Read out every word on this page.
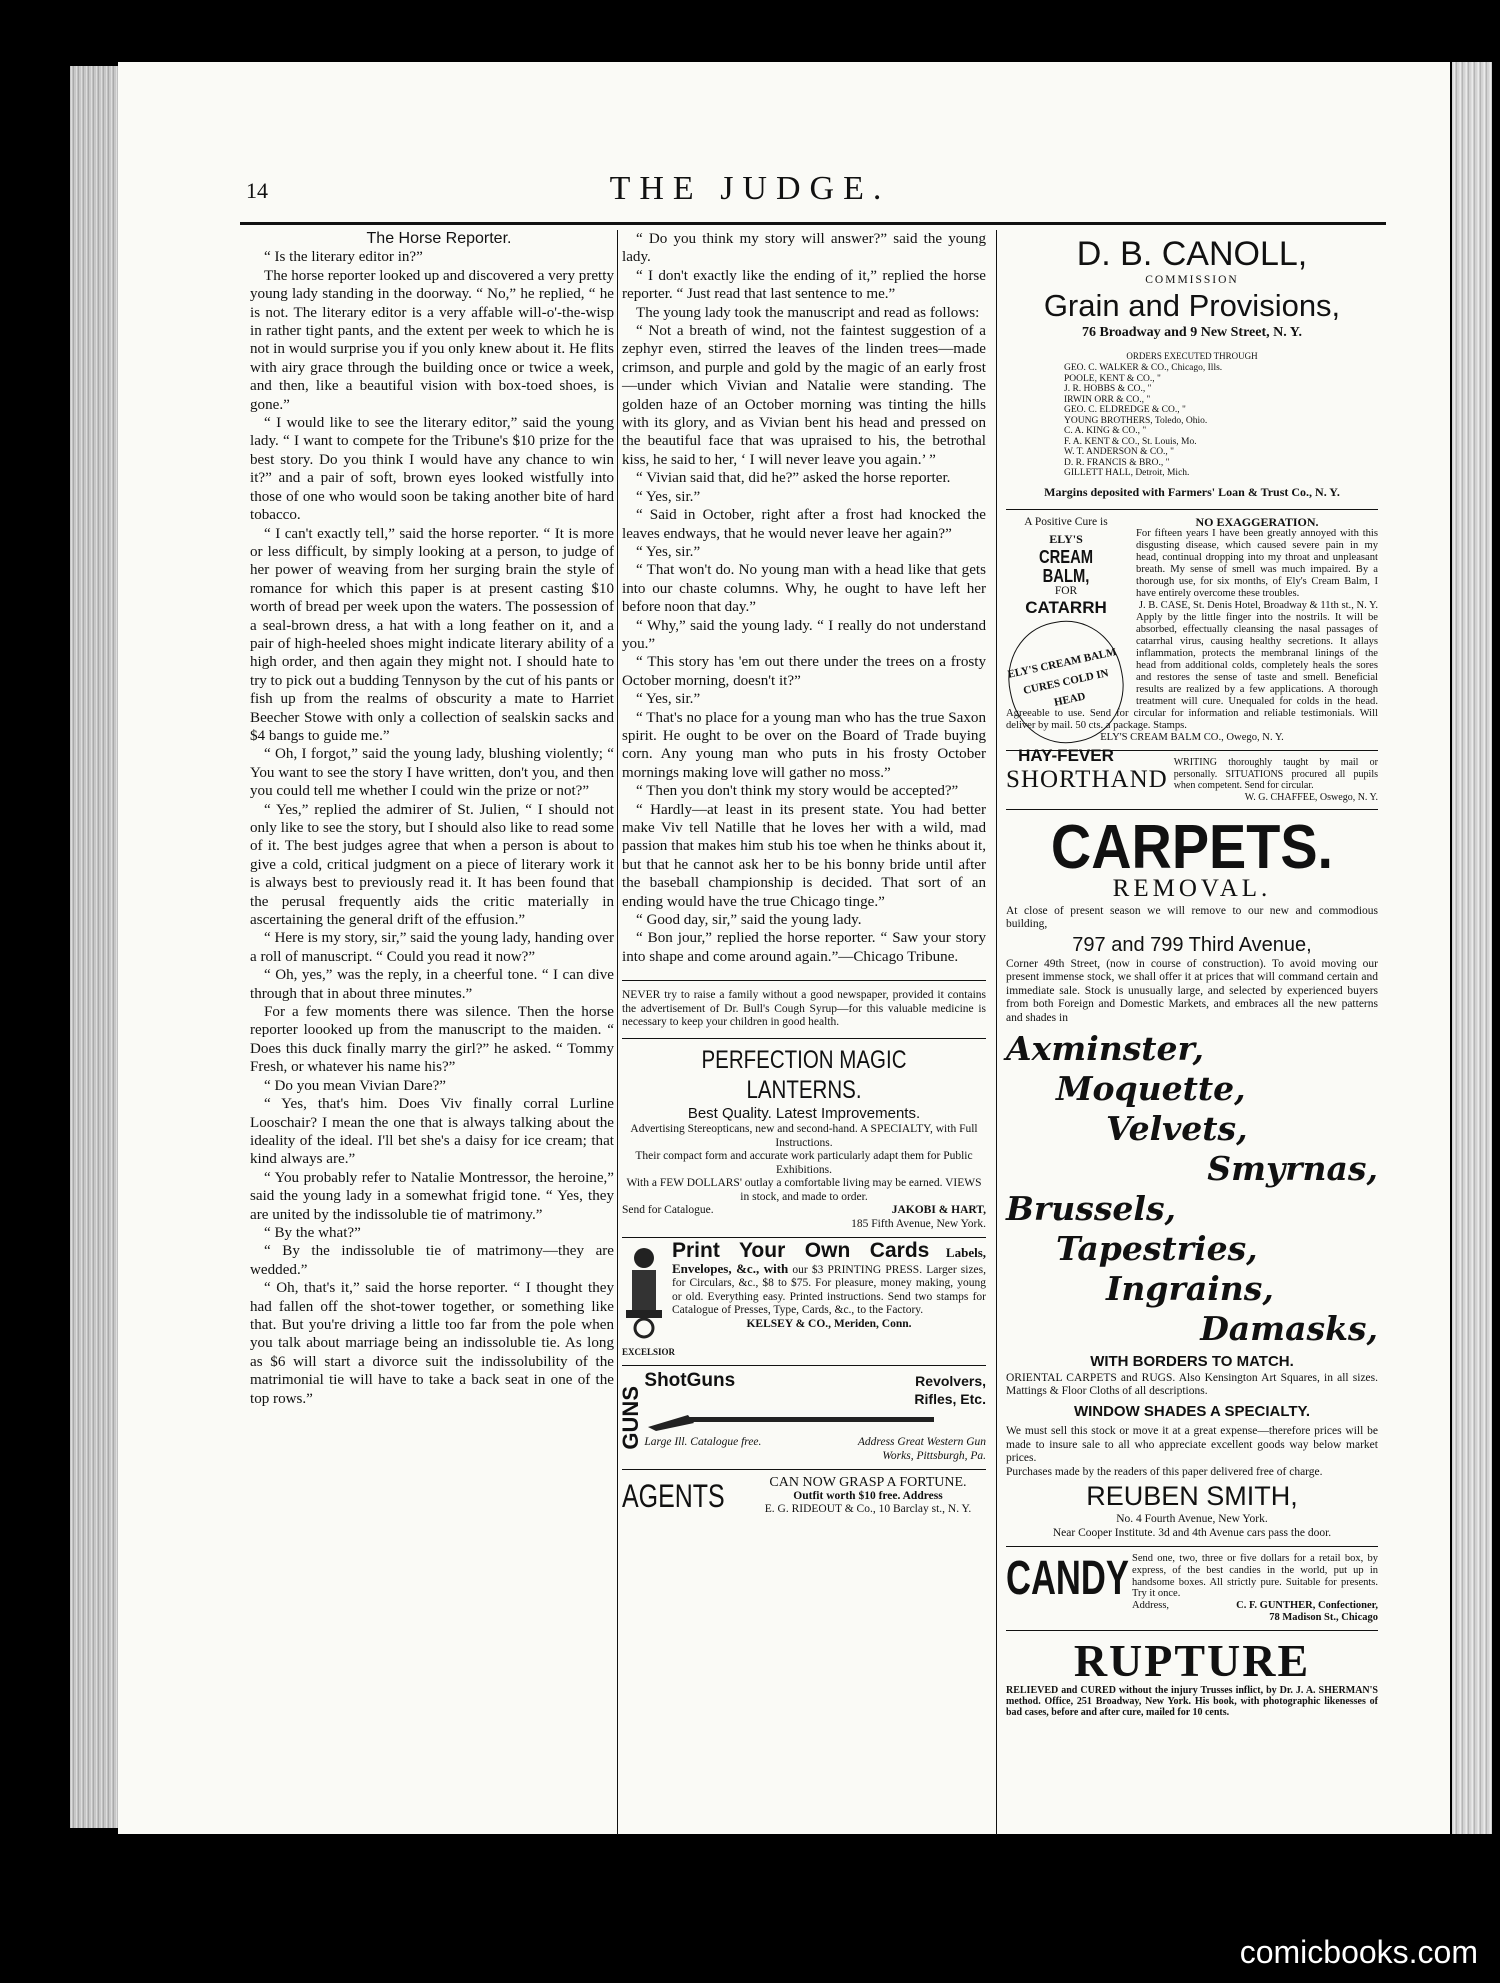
14	THE JUDGE.

The Horse Reporter.

“ Is the literary editor in?”

The horse reporter looked up and discovered a very pretty young lady standing in the doorway. “ No,” he replied, “ he is not. The literary editor is a very affable will-o'-the-wisp in rather tight pants, and the extent per week to which he is not in would surprise you if you only knew about it. He flits with airy grace through the building once or twice a week, and then, like a beautiful vision with box-toed shoes, is gone.”

“ I would like to see the literary editor,” said the young lady. “ I want to compete for the Tribune's $10 prize for the best story. Do you think I would have any chance to win it?” and a pair of soft, brown eyes looked wistfully into those of one who would soon be taking another bite of hard tobacco.

“ I can't exactly tell,” said the horse reporter. “ It is more or less difficult, by simply looking at a person, to judge of her power of weaving from her surging brain the style of romance for which this paper is at present casting $10 worth of bread per week upon the waters. The possession of a seal-brown dress, a hat with a long feather on it, and a pair of high-heeled shoes might indicate literary ability of a high order, and then again they might not. I should hate to try to pick out a budding Tennyson by the cut of his pants or fish up from the realms of obscurity a mate to Harriet Beecher Stowe with only a collection of sealskin sacks and $4 bangs to guide me.”

“ Oh, I forgot,” said the young lady, blushing violently; “ You want to see the story I have written, don't you, and then you could tell me whether I could win the prize or not?”

“ Yes,” replied the admirer of St. Julien, “ I should not only like to see the story, but I should also like to read some of it. The best judges agree that when a person is about to give a cold, critical judgment on a piece of literary work it is always best to previously read it. It has been found that the perusal frequently aids the critic materially in ascertaining the general drift of the effusion.”

“ Here is my story, sir,” said the young lady, handing over a roll of manuscript. “ Could you read it now?”

“ Oh, yes,” was the reply, in a cheerful tone. “ I can dive through that in about three minutes.”

For a few moments there was silence. Then the horse reporter loooked up from the manuscript to the maiden. “ Does this duck finally marry the girl?” he asked. “ Tommy Fresh, or whatever his name his?”

“ Do you mean Vivian Dare?”

“ Yes, that's him. Does Viv finally corral Lurline Looschair? I mean the one that is always talking about the ideality of the ideal. I'll bet she's a daisy for ice cream; that kind always are.”

“ You probably refer to Natalie Montressor, the heroine,” said the young lady in a somewhat frigid tone. “ Yes, they are united by the indissoluble tie of matrimony.”

“ By the what?”

“ By the indissoluble tie of matrimony—they are wedded.”

“ Oh, that's it,” said the horse reporter. “ I thought they had fallen off the shot-tower together, or something like that. But you're driving a little too far from the pole when you talk about marriage being an indissoluble tie. As long as $6 will start a divorce suit the indissolubility of the matrimonial tie will have to take a back seat in one of the top rows.”

“ Do you think my story will answer?” said the young lady.

“ I don't exactly like the ending of it,” replied the horse reporter. “ Just read that last sentence to me.”

The young lady took the manuscript and read as follows:

“ Not a breath of wind, not the faintest suggestion of a zephyr even, stirred the leaves of the linden trees—made crimson, and purple and gold by the magic of an early frost—under which Vivian and Natalie were standing. The golden haze of an October morning was tinting the hills with its glory, and as Vivian bent his head and pressed on the beautiful face that was upraised to his, the betrothal kiss, he said to her, ‘ I will never leave you again.’ ”

“ Vivian said that, did he?” asked the horse reporter.

“ Yes, sir.”

“ Said in October, right after a frost had knocked the leaves endways, that he would never leave her again?”

“ Yes, sir.”

“ That won't do. No young man with a head like that gets into our chaste columns. Why, he ought to have left her before noon that day.”

“ Why,” said the young lady. “ I really do not understand you.”

“ This story has 'em out there under the trees on a frosty October morning, doesn't it?”

“ Yes, sir.”

“ That's no place for a young man who has the true Saxon spirit. He ought to be over on the Board of Trade buying corn. Any young man who puts in his frosty October mornings making love will gather no moss.”

“ Then you don't think my story would be accepted?”

“ Hardly—at least in its present state. You had better make Viv tell Natille that he loves her with a wild, mad passion that makes him stub his toe when he thinks about it, but that he cannot ask her to be his bonny bride until after the baseball championship is decided. That sort of an ending would have the true Chicago tinge.”

“ Good day, sir,” said the young lady.

“ Bon jour,” replied the horse reporter. “ Saw your story into shape and come around again.”—Chicago Tribune.

NEVER try to raise a family without a good newspaper, provided it contains the advertisement of Dr. Bull's Cough Syrup—for this valuable medicine is necessary to keep your children in good health.
PERFECTION MAGIC LANTERNS.
Best Quality. Latest Improvements.
Advertising Stereopticans, new and second-hand. A SPECIALTY, with Full Instructions.
Their compact form and accurate work particularly adapt them for Public Exhibitions.
With a FEW DOLLARS' outlay a comfortable living may be earned. VIEWS in stock, and made to order.
Send for Catalogue.	JAKOBI & HART,
185 Fifth Avenue, New York.
EXCELSIOR
Print Your Own Cards Labels, Envelopes, &c., with our $3 PRINTING PRESS. Larger sizes, for Circulars, &c., $8 to $75. For pleasure, money making, young or old. Everything easy. Printed instructions. Send two stamps for Catalogue of Presses, Type, Cards, &c., to the Factory.
KELSEY & CO., Meriden, Conn.
GUNS
ShotGuns	Revolvers, Rifles, Etc.
Large Ill. Catalogue free.	Address Great Western Gun Works, Pittsburgh, Pa.
AGENTS	CAN NOW GRASP A FORTUNE.
Outfit worth $10 free. Address
E. G. RIDEOUT & Co., 10 Barclay st., N. Y.
D. B. CANOLL,
COMMISSION
Grain and Provisions,
76 Broadway and 9 New Street, N. Y.
ORDERS EXECUTED THROUGH
GEO. C. WALKER & CO., Chicago, Ills.
POOLE, KENT & CO., "
J. R. HOBBS & CO., "
IRWIN ORR & CO., "
GEO. C. ELDREDGE & CO., "
YOUNG BROTHERS, Toledo, Ohio.
C. A. KING & CO., "
F. A. KENT & CO., St. Louis, Mo.
W. T. ANDERSON & CO., "
D. R. FRANCIS & BRO., "
GILLETT HALL, Detroit, Mich.
Margins deposited with Farmers' Loan & Trust Co., N. Y.
A Positive Cure is
ELY'S
CREAM BALM,
FOR
CATARRH
ELY'S CREAM BALM CURES COLD IN HEAD
HAY-FEVER
NO EXAGGERATION.
For fifteen years I have been greatly annoyed with this disgusting disease, which caused severe pain in my head, continual dropping into my throat and unpleasant breath. My sense of smell was much impaired. By a thorough use, for six months, of Ely's Cream Balm, I have entirely overcome these troubles.
J. B. CASE, St. Denis Hotel, Broadway & 11th st., N. Y.
Apply by the little finger into the nostrils. It will be absorbed, effectually cleansing the nasal passages of catarrhal virus, causing healthy secretions. It allays inflammation, protects the membranal linings of the head from additional colds, completely heals the sores and restores the sense of taste and smell. Beneficial results are realized by a few applications. A thorough treatment will cure. Unequaled for colds in the head. Agreeable to use. Send for circular for information and reliable testimonials. Will deliver by mail. 50 cts. a package. Stamps.
ELY'S CREAM BALM CO., Owego, N. Y.
SHORTHAND
WRITING thoroughly taught by mail or personally. SITUATIONS procured all pupils when competent. Send for circular.
W. G. CHAFFEE, Oswego, N. Y.
CARPETS.
REMOVAL.
At close of present season we will remove to our new and commodious building,
797 and 799 Third Avenue,
Corner 49th Street, (now in course of construction). To avoid moving our present immense stock, we shall offer it at prices that will command certain and immediate sale. Stock is unusually large, and selected by experienced buyers from both Foreign and Domestic Markets, and embraces all the new patterns and shades in
Axminster,
Moquette,
Velvets,
Smyrnas,
Brussels,
Tapestries,
Ingrains,
Damasks,
WITH BORDERS TO MATCH.
ORIENTAL CARPETS and RUGS. Also Kensington Art Squares, in all sizes. Mattings & Floor Cloths of all descriptions.
WINDOW SHADES A SPECIALTY.
We must sell this stock or move it at a great expense—therefore prices will be made to insure sale to all who appreciate excellent goods way below market prices.
Purchases made by the readers of this paper delivered free of charge.
REUBEN SMITH,
No. 4 Fourth Avenue, New York.
Near Cooper Institute. 3d and 4th Avenue cars pass the door.
CANDY Send one, two, three or five dollars for a retail box, by express, of the best candies in the world, put up in handsome boxes. All strictly pure. Suitable for presents. Try it once.
Address,	C. F. GUNTHER, Confectioner,
78 Madison St., Chicago
RUPTURE
RELIEVED and CURED without the injury Trusses inflict, by Dr. J. A. SHERMAN'S method. Office, 251 Broadway, New York. His book, with photographic likenesses of bad cases, before and after cure, mailed for 10 cents.
comicbooks.com
